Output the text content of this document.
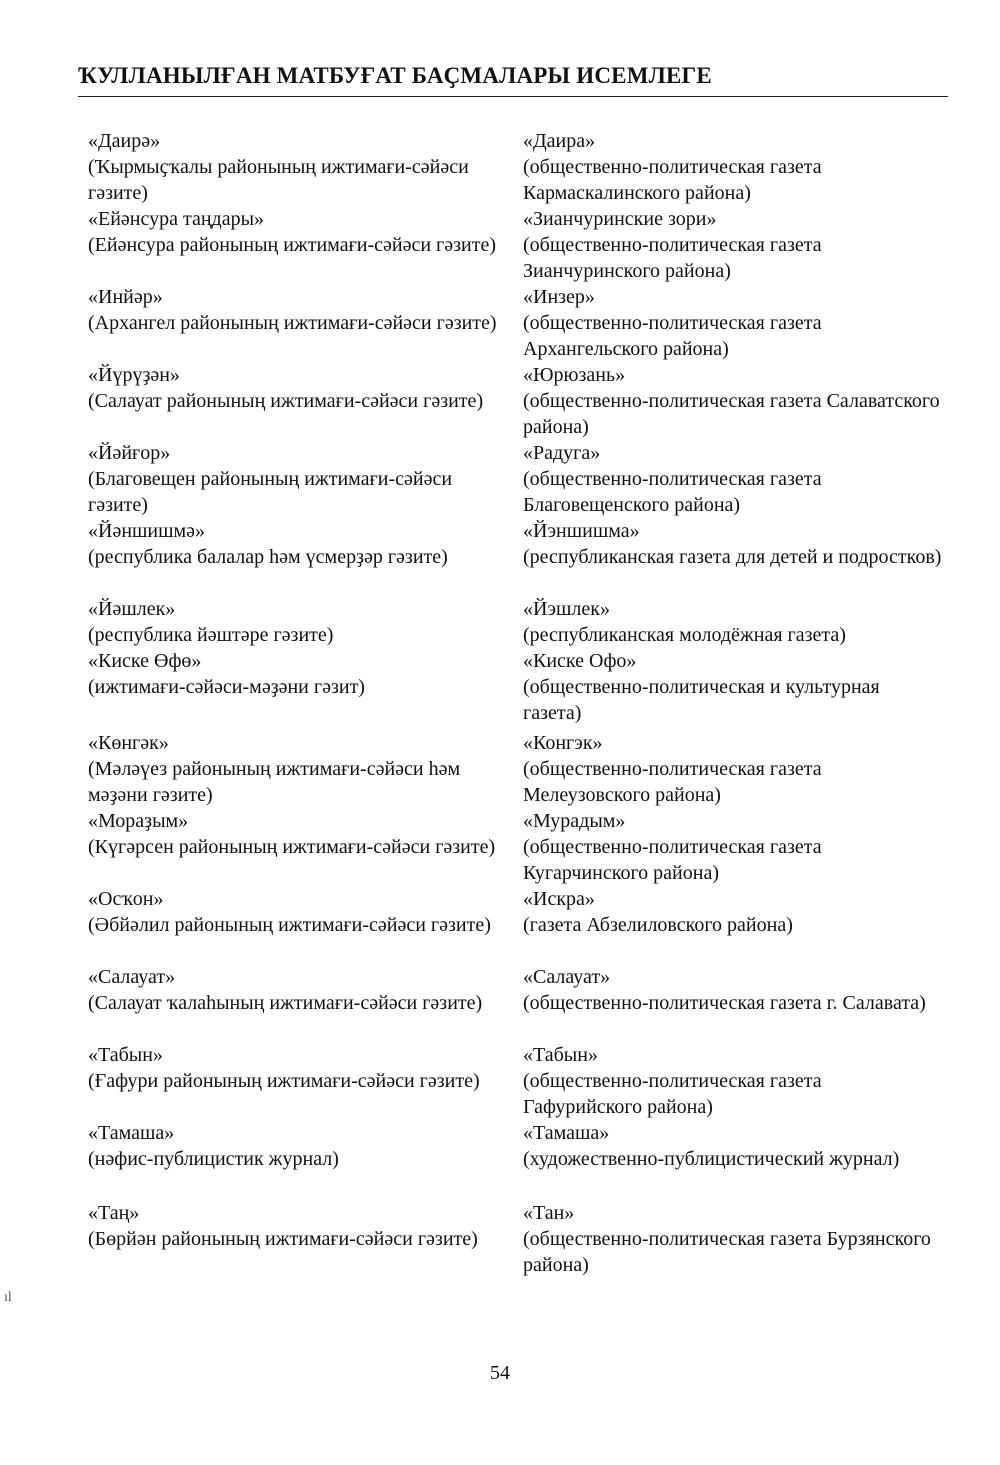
ҠУЛЛАНЫЛҒАН МАТБУҒАТ БАҪМАЛАРЫ ИСЕМЛЕГЕ
«Даирә»
(Ҡырмыҫҡалы районының ижтимағи-сәйәси гәзите)
«Даира»
(общественно-политическая газета Кармаскалинского района)
«Ейәнсура таңдары»
(Ейәнсура районының ижтимағи-сәйәси гәзите)
«Зианчуринские зори»
(общественно-политическая газета Зианчуринского района)
«Инйәр»
(Архангел районының ижтимағи-сәйәси гәзите)
«Инзер»
(общественно-политическая газета Архангельского района)
«Йүрүҙән»
(Салауат районының ижтимағи-сәйәси гәзите)
«Юрюзань»
(общественно-политическая газета Салаватского района)
«Йәйғор»
(Благовещен районының ижтимағи-сәйәси гәзите)
«Радуга»
(общественно-политическая газета Благовещенского района)
«Йәншишмә»
(республика балалар һәм үсмерҙәр гәзите)
«Йэншишма»
(республиканская газета для детей и подростков)
«Йәшлек»
(республика йәштәре гәзите)
«Йэшлек»
(республиканская молодёжная газета)
«Киске Өфө»
(ижтимағи-сәйәси-мәҙәни гәзит)
«Киске Офо»
(общественно-политическая и культурная газета)
«Көнгәк»
(Мәләүез районының ижтимағи-сәйәси һәм мәҙәни гәзите)
«Конгэк»
(общественно-политическая газета Мелеузовского района)
«Мораҙым»
(Күгәрсен районының ижтимағи-сәйәси гәзите)
«Мурадым»
(общественно-политическая газета Кугарчинского района)
«Осҡон»
(Әбйәлил районының ижтимағи-сәйәси гәзите)
«Искра»
(газета Абзелиловского района)
«Салауат»
(Салауат ҡалаһының ижтимағи-сәйәси гәзите)
«Салауат»
(общественно-политическая газета г. Салавата)
«Табын»
(Ғафури районының ижтимағи-сәйәси гәзите)
«Табын»
(общественно-политическая газета Гафурийского района)
«Тамаша»
(нәфис-публицистик журнал)
«Тамаша»
(художественно-публицистический журнал)
«Таң»
(Бөрйән районының ижтимағи-сәйәси гәзите)
«Тан»
(общественно-политическая газета Бурзянского района)
ıl
54
